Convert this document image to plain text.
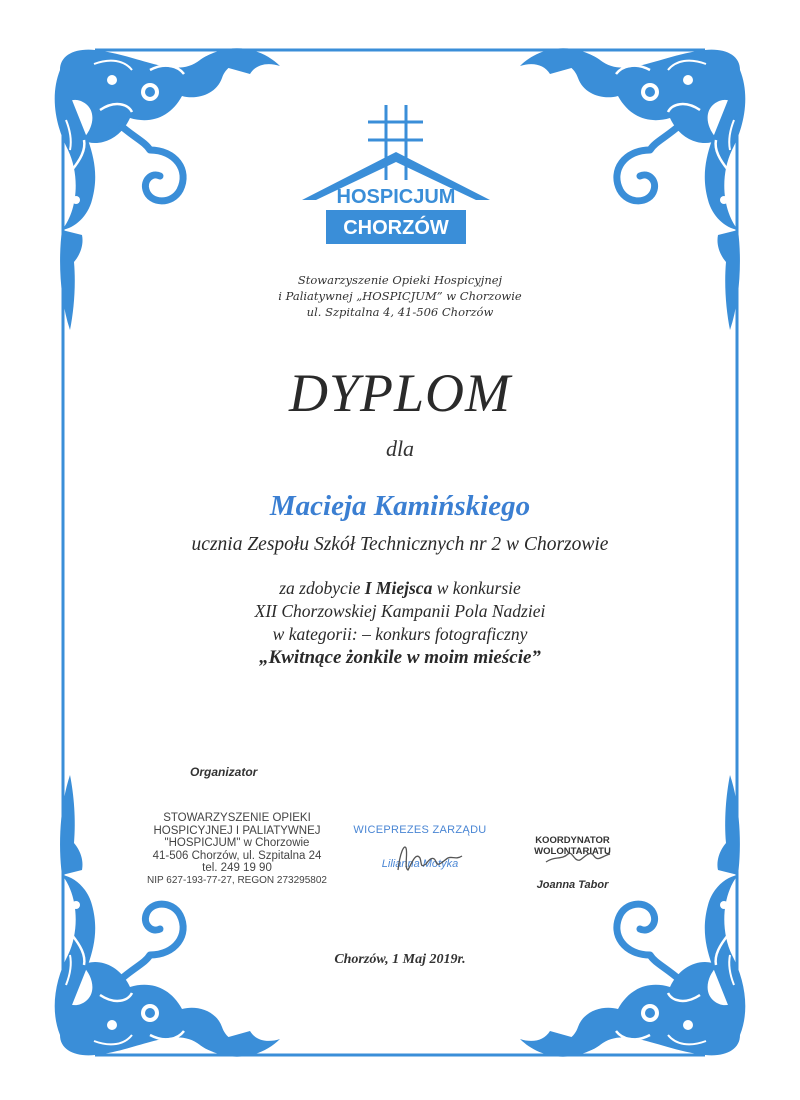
HOSPICJUM
CHORZÓW
Stowarzyszenie Opieki Hospicyjnej
i Paliatywnej „HOSPICJUM” w Chorzowie
ul. Szpitalna 4, 41-506 Chorzów
DYPLOM
dla
Macieja Kamińskiego
ucznia Zespołu Szkół Technicznych nr 2 w Chorzowie
za zdobycie I Miejsca w konkursie
XII Chorzowskiej Kampanii Pola Nadziei
w kategorii: – konkurs fotograficzny
„Kwitnące żonkile w moim mieście”
Organizator
STOWARZYSZENIE OPIEKI
HOSPICYJNEJ I PALIATYWNEJ
"HOSPICJUM" w Chorzowie
41-506 Chorzów, ul. Szpitalna 24
tel. 249 19 90
NIP 627-193-77-27, REGON 273295802
WICEPREZES ZARZĄDU
Lilianna Motyka
KOORDYNATOR WOLONTARIATU
Joanna Tabor
Chorzów, 1 Maj 2019r.
